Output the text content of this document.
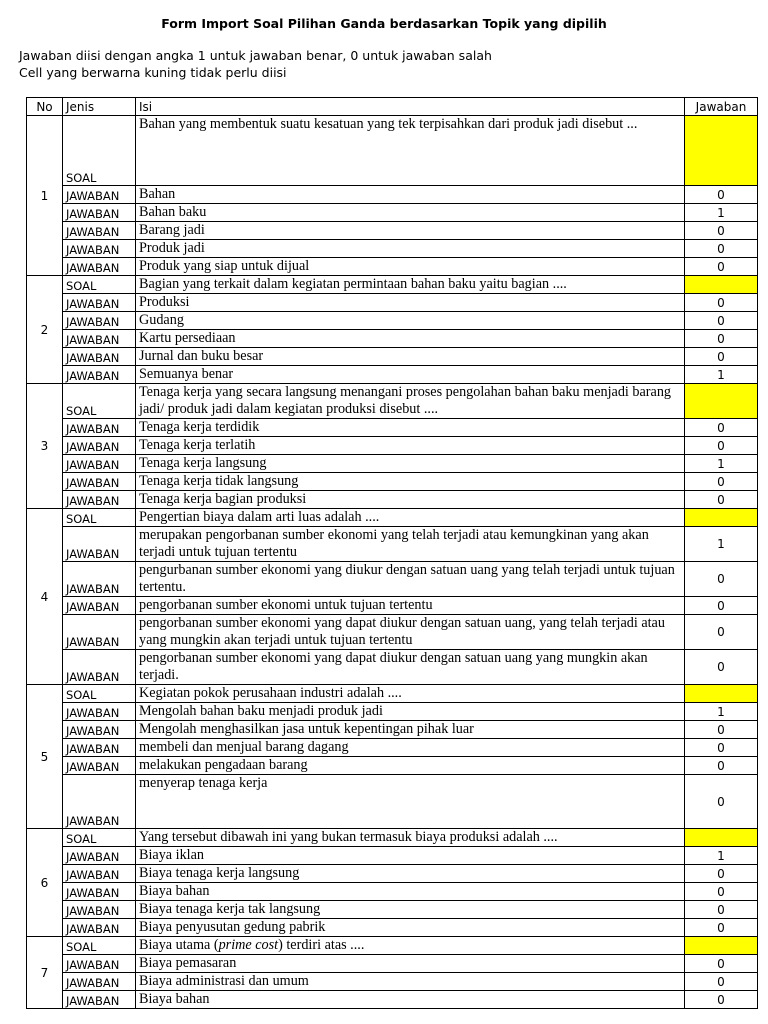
Form Import Soal Pilihan Ganda berdasarkan Topik yang dipilih
Jawaban diisi dengan angka 1 untuk jawaban benar, 0 untuk jawaban salah
Cell yang berwarna kuning tidak perlu diisi
No	Jenis	Isi	Jawaban
1	SOAL	Bahan yang membentuk suatu kesatuan yang tek terpisahkan dari produk jadi disebut ...	
	JAWABAN	Bahan	0
	JAWABAN	Bahan baku	1
	JAWABAN	Barang jadi	0
	JAWABAN	Produk jadi	0
	JAWABAN	Produk yang siap untuk dijual	0
2	SOAL	Bagian yang terkait dalam kegiatan permintaan bahan baku yaitu bagian ....	
	JAWABAN	Produksi	0
	JAWABAN	Gudang	0
	JAWABAN	Kartu persediaan	0
	JAWABAN	Jurnal dan buku besar	0
	JAWABAN	Semuanya benar	1
3	SOAL	Tenaga kerja yang secara langsung menangani proses pengolahan bahan baku menjadi barang jadi/ produk jadi dalam kegiatan produksi disebut ....	
	JAWABAN	Tenaga kerja terdidik	0
	JAWABAN	Tenaga kerja terlatih	0
	JAWABAN	Tenaga kerja langsung	1
	JAWABAN	Tenaga kerja tidak langsung	0
	JAWABAN	Tenaga kerja bagian produksi	0
4	SOAL	Pengertian biaya dalam arti luas adalah ....	
	JAWABAN	merupakan pengorbanan sumber ekonomi yang telah terjadi atau kemungkinan yang akan terjadi untuk tujuan tertentu	1
	JAWABAN	pengurbanan sumber ekonomi yang diukur dengan satuan uang yang telah terjadi untuk tujuan tertentu.	0
	JAWABAN	pengorbanan sumber ekonomi untuk tujuan tertentu	0
	JAWABAN	pengorbanan sumber ekonomi yang dapat diukur dengan satuan uang, yang telah terjadi atau yang mungkin akan terjadi untuk tujuan tertentu	0
	JAWABAN	pengorbanan sumber ekonomi yang dapat diukur dengan satuan uang yang mungkin akan terjadi.	0
5	SOAL	Kegiatan pokok perusahaan industri adalah ....	
	JAWABAN	Mengolah bahan baku menjadi produk jadi	1
	JAWABAN	Mengolah menghasilkan jasa untuk kepentingan pihak luar	0
	JAWABAN	membeli dan menjual barang dagang	0
	JAWABAN	melakukan pengadaan barang	0
	JAWABAN	menyerap tenaga kerja	0
6	SOAL	Yang tersebut dibawah ini yang bukan termasuk biaya produksi adalah ....	
	JAWABAN	Biaya iklan	1
	JAWABAN	Biaya tenaga kerja langsung	0
	JAWABAN	Biaya bahan	0
	JAWABAN	Biaya tenaga kerja tak langsung	0
	JAWABAN	Biaya penyusutan gedung pabrik	0
7	SOAL	Biaya utama (prime cost) terdiri atas ....	
	JAWABAN	Biaya pemasaran	0
	JAWABAN	Biaya administrasi dan umum	0
	JAWABAN	Biaya bahan	0
